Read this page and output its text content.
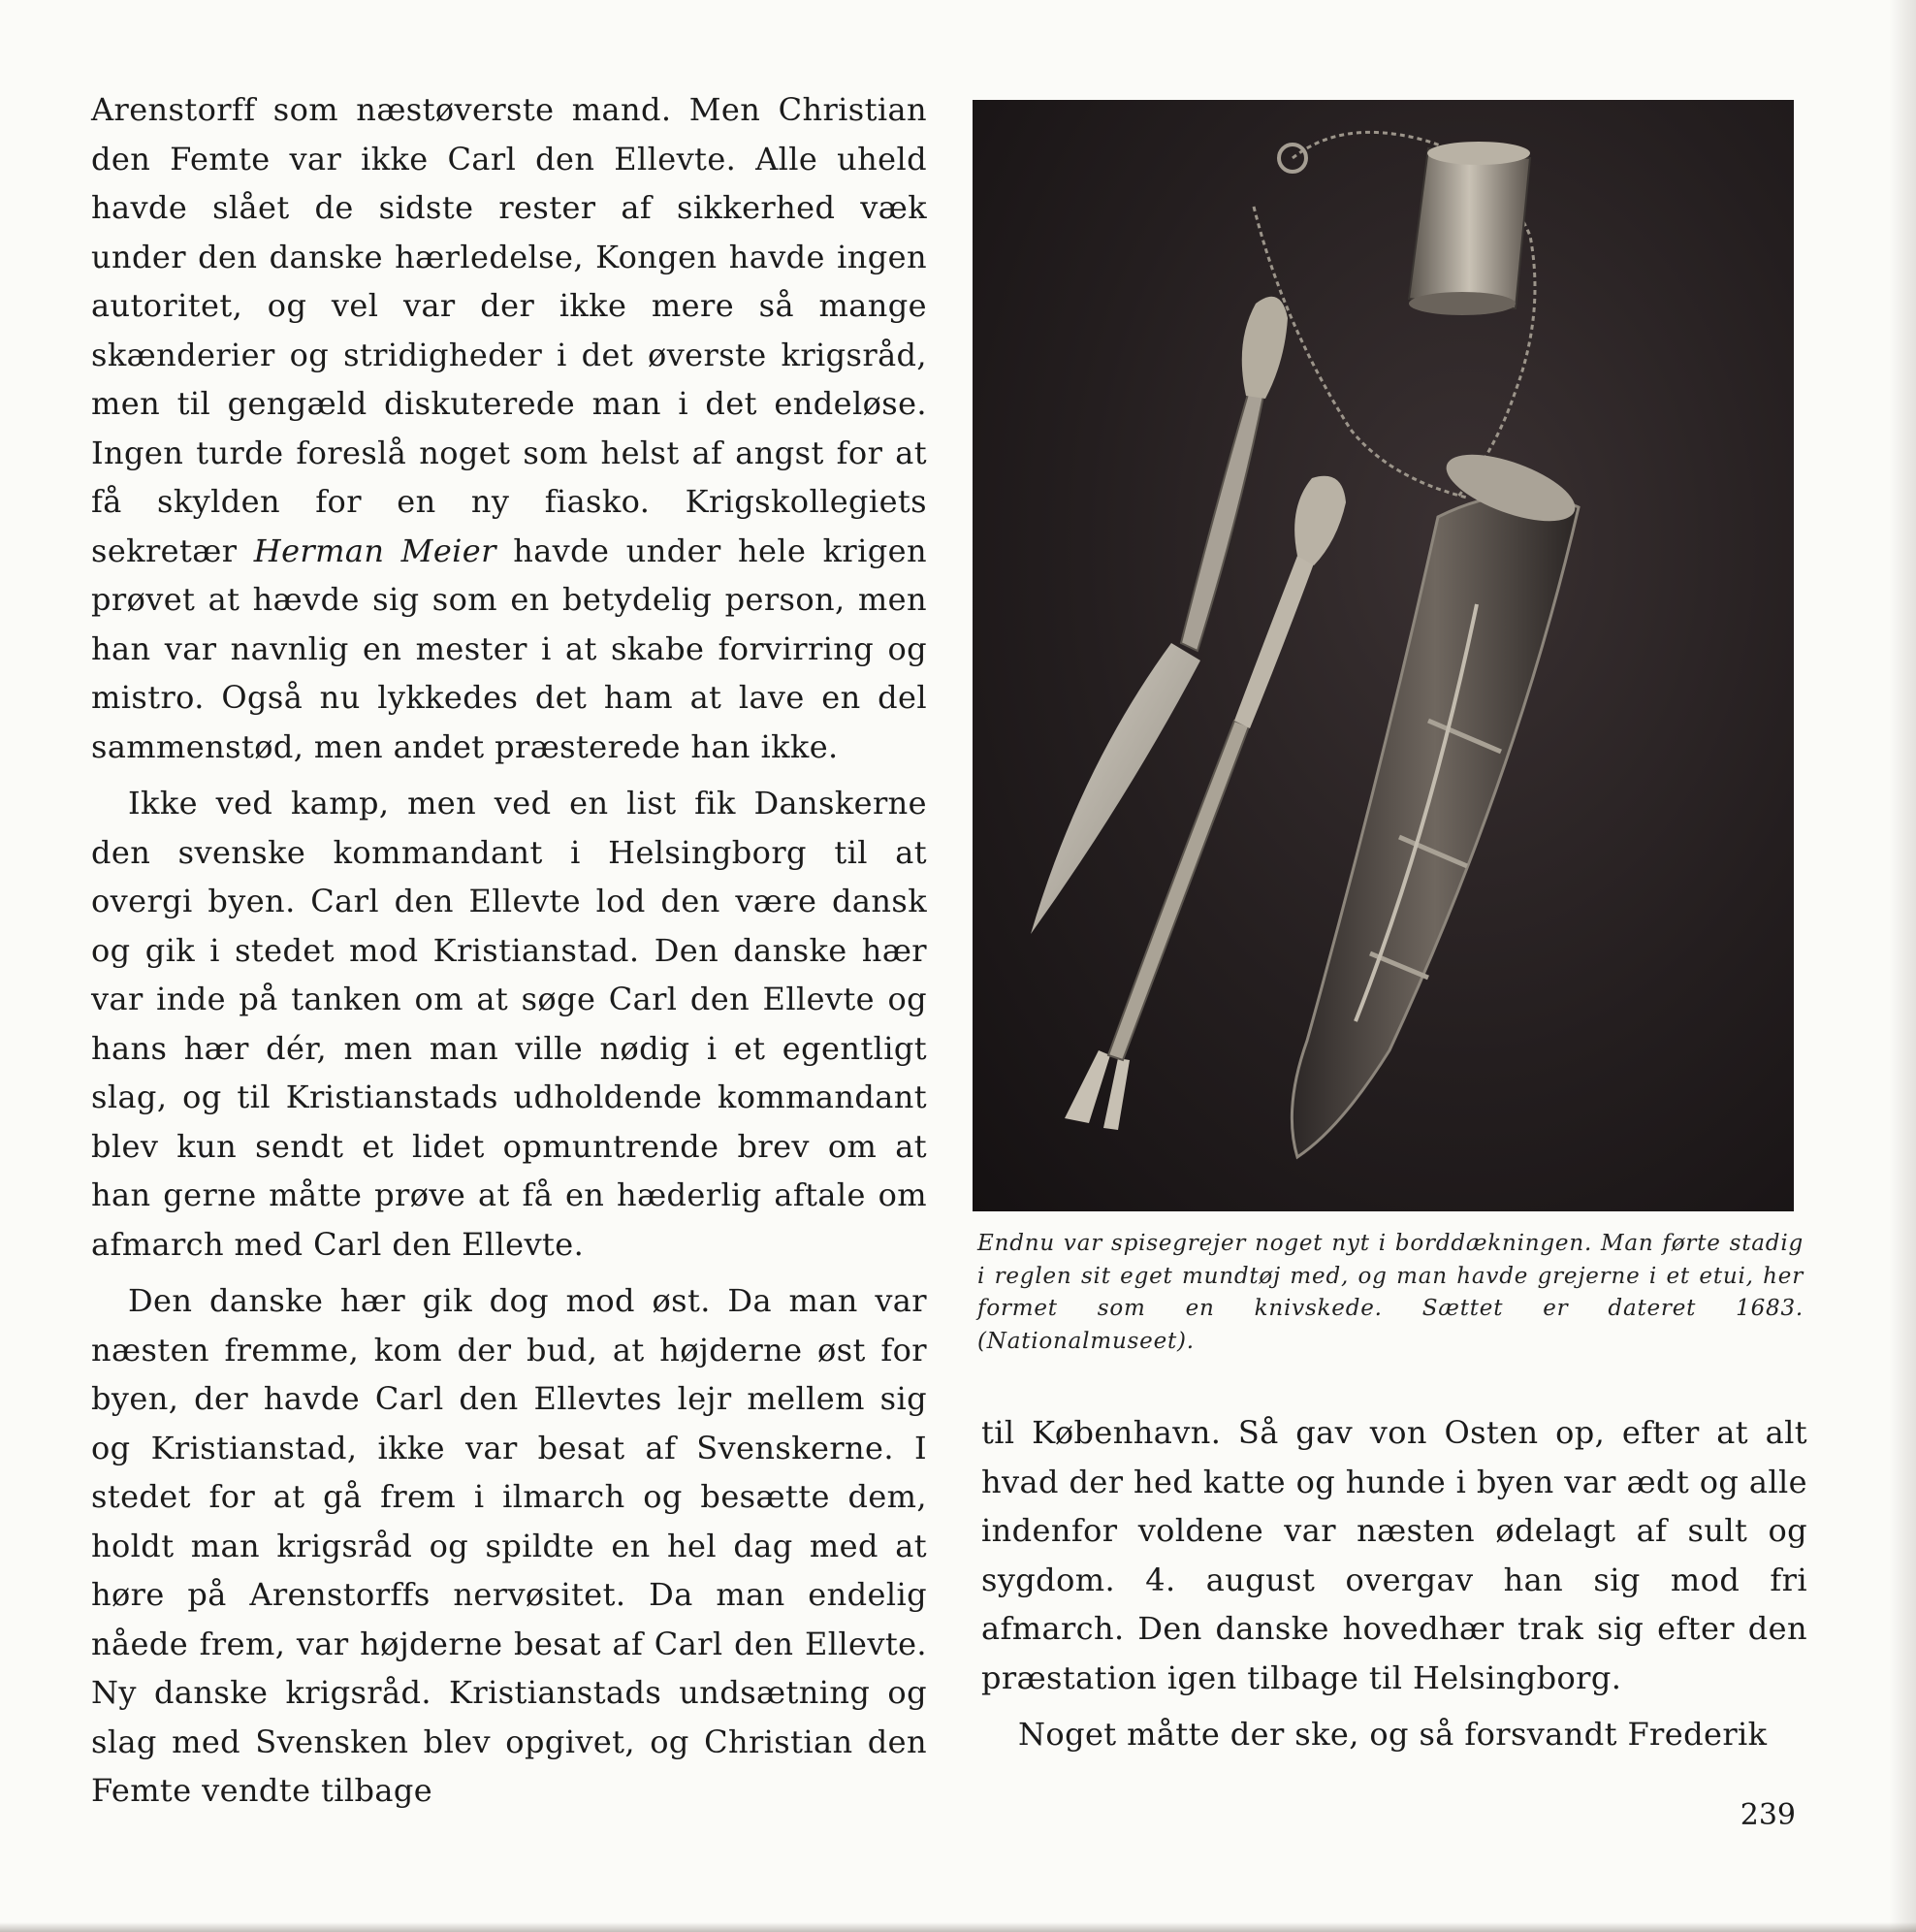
Arenstorff som næstøverste mand. Men Christian den Femte var ikke Carl den Ellevte. Alle uheld havde slået de sidste rester af sikkerhed væk under den danske hærledelse, Kongen havde ingen autoritet, og vel var der ikke mere så mange skænderier og stridigheder i det øverste krigsråd, men til gengæld diskuterede man i det endeløse. Ingen turde foreslå noget som helst af angst for at få skylden for en ny fiasko. Krigskollegiets sekretær Herman Meier havde under hele krigen prøvet at hævde sig som en betydelig person, men han var navnlig en mester i at skabe forvirring og mistro. Også nu lykkedes det ham at lave en del sammenstød, men andet præsterede han ikke.

Ikke ved kamp, men ved en list fik Danskerne den svenske kommandant i Helsingborg til at overgi byen. Carl den Ellevte lod den være dansk og gik i stedet mod Kristianstad. Den danske hær var inde på tanken om at søge Carl den Ellevte og hans hær dér, men man ville nødig i et egentligt slag, og til Kristianstads udholdende kommandant blev kun sendt et lidet opmuntrende brev om at han gerne måtte prøve at få en hæderlig aftale om afmarch med Carl den Ellevte.

Den danske hær gik dog mod øst. Da man var næsten fremme, kom der bud, at højderne øst for byen, der havde Carl den Ellevtes lejr mellem sig og Kristianstad, ikke var besat af Svenskerne. I stedet for at gå frem i ilmarch og besætte dem, holdt man krigsråd og spildte en hel dag med at høre på Arenstorffs nervøsitet. Da man endelig nåede frem, var højderne besat af Carl den Ellevte. Ny danske krigsråd. Kristianstads undsætning og slag med Svensken blev opgivet, og Christian den Femte vendte tilbage

Endnu var spisegrejer noget nyt i borddækningen. Man førte stadig i reglen sit eget mundtøj med, og man havde grejerne i et etui, her formet som en knivskede. Sættet er dateret 1683. (Nationalmuseet).

til København. Så gav von Osten op, efter at alt hvad der hed katte og hunde i byen var ædt og alle indenfor voldene var næsten ødelagt af sult og sygdom. 4. august overgav han sig mod fri afmarch. Den danske hovedhær trak sig efter den præstation igen tilbage til Helsingborg.

Noget måtte der ske, og så forsvandt Frederik

239
